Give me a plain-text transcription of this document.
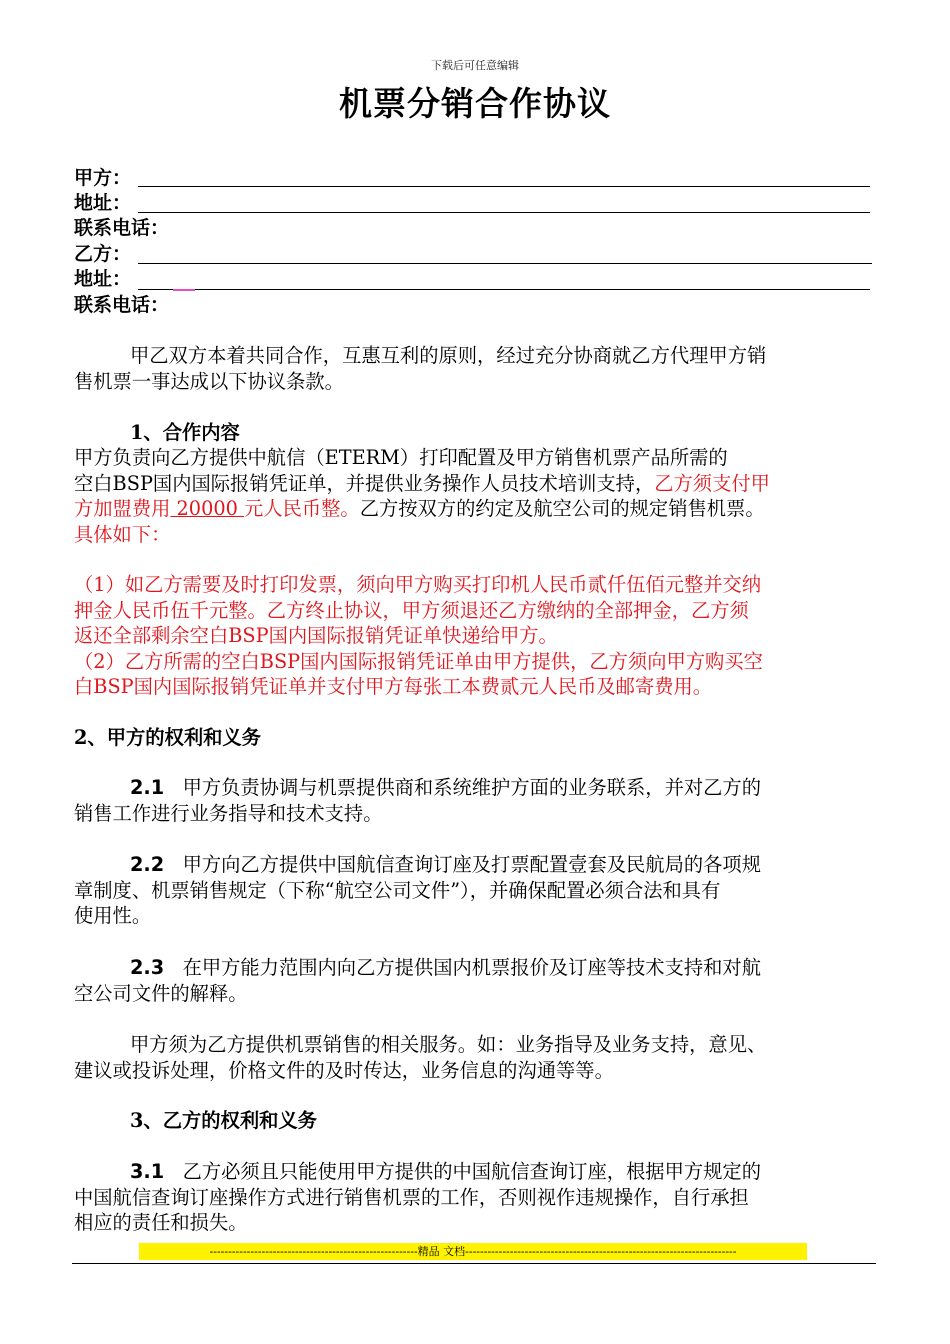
下载后可任意编辑
机票分销合作协议
甲方：
地址：
联系电话：
乙方：
地址：
联系电话：
甲乙双方本着共同合作，互惠互利的原则，经过充分协商就乙方代理甲方销
售机票一事达成以下协议条款。
1、合作内容
甲方负责向乙方提供中航信（ETERM）打印配置及甲方销售机票产品所需的
空白BSP国内国际报销凭证单，并提供业务操作人员技术培训支持，乙方须支付甲
方加盟费用 20000 元人民币整。乙方按双方的约定及航空公司的规定销售机票。
具体如下：
（1）如乙方需要及时打印发票，须向甲方购买打印机人民币贰仟伍佰元整并交纳
押金人民币伍千元整。乙方终止协议，甲方须退还乙方缴纳的全部押金，乙方须
返还全部剩余空白BSP国内国际报销凭证单快递给甲方。
（2）乙方所需的空白BSP国内国际报销凭证单由甲方提供，乙方须向甲方购买空
白BSP国内国际报销凭证单并支付甲方每张工本费贰元人民币及邮寄费用。
2、甲方的权利和义务
2.1 甲方负责协调与机票提供商和系统维护方面的业务联系，并对乙方的
销售工作进行业务指导和技术支持。
2.2 甲方向乙方提供中国航信查询订座及打票配置壹套及民航局的各项规
章制度、机票销售规定（下称“航空公司文件”），并确保配置必须合法和具有
使用性。
2.3 在甲方能力范围内向乙方提供国内机票报价及订座等技术支持和对航
空公司文件的解释。
甲方须为乙方提供机票销售的相关服务。如：业务指导及业务支持，意见、
建议或投诉处理，价格文件的及时传达，业务信息的沟通等等。
3、乙方的权利和义务
3.1 乙方必须且只能使用甲方提供的中国航信查询订座，根据甲方规定的
中国航信查询订座操作方式进行销售机票的工作，否则视作违规操作，自行承担
相应的责任和损失。
--------------------------------------------------------精品 文档-------------------------------------------------------------------------
